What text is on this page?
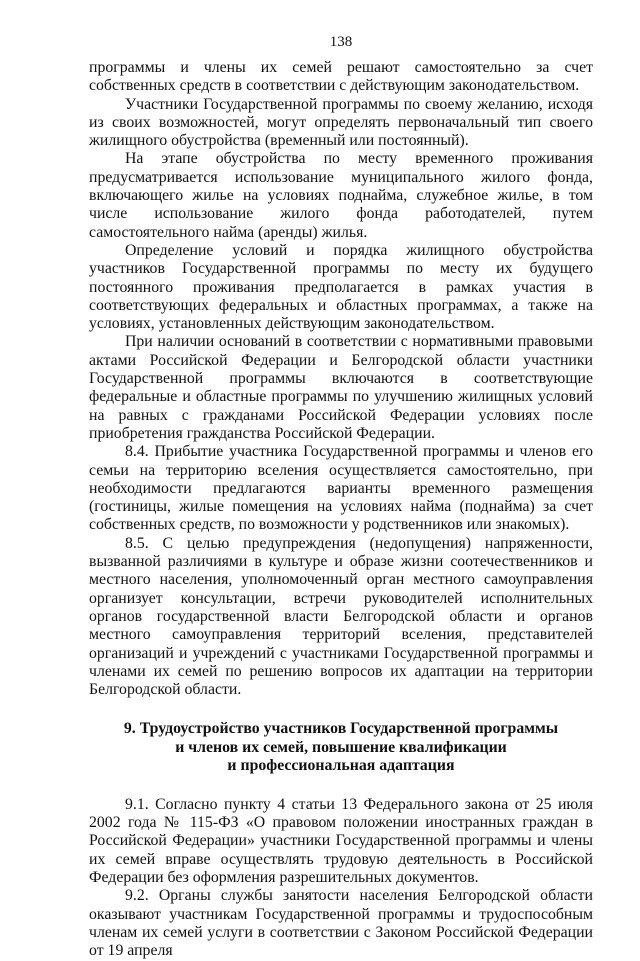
138

программы и члены их семей решают самостоятельно за счет собственных средств в соответствии с действующим законодательством.

Участники Государственной программы по своему желанию, исходя из своих возможностей, могут определять первоначальный тип своего жилищного обустройства (временный или постоянный).

На этапе обустройства по месту временного проживания предусматривается использование муниципального жилого фонда, включающего жилье на условиях поднайма, служебное жилье, в том числе использование жилого фонда работодателей, путем самостоятельного найма (аренды) жилья.

Определение условий и порядка жилищного обустройства участников Государственной программы по месту их будущего постоянного проживания предполагается в рамках участия в соответствующих федеральных и областных программах, а также на условиях, установленных действующим законодательством.

При наличии оснований в соответствии с нормативными правовыми актами Российской Федерации и Белгородской области участники Государственной программы включаются в соответствующие федеральные и областные программы по улучшению жилищных условий на равных с гражданами Российской Федерации условиях после приобретения гражданства Российской Федерации.

8.4. Прибытие участника Государственной программы и членов его семьи на территорию вселения осуществляется самостоятельно, при необходимости предлагаются варианты временного размещения (гостиницы, жилые помещения на условиях найма (поднайма) за счет собственных средств, по возможности у родственников или знакомых).

8.5. С целью предупреждения (недопущения) напряженности, вызванной различиями в культуре и образе жизни соотечественников и местного населения, уполномоченный орган местного самоуправления организует консультации, встречи руководителей исполнительных органов государственной власти Белгородской области и органов местного самоуправления территорий вселения, представителей организаций и учреждений с участниками Государственной программы и членами их семей по решению вопросов их адаптации на территории Белгородской области.

9. Трудоустройство участников Государственной программы
и членов их семей, повышение квалификации
и профессиональная адаптация

9.1. Согласно пункту 4 статьи 13 Федерального закона от 25 июля 2002 года № 115-ФЗ «О правовом положении иностранных граждан в Российской Федерации» участники Государственной программы и члены их семей вправе осуществлять трудовую деятельность в Российской Федерации без оформления разрешительных документов.

9.2. Органы службы занятости населения Белгородской области оказывают участникам Государственной программы и трудоспособным членам их семей услуги в соответствии с Законом Российской Федерации от 19 апреля
